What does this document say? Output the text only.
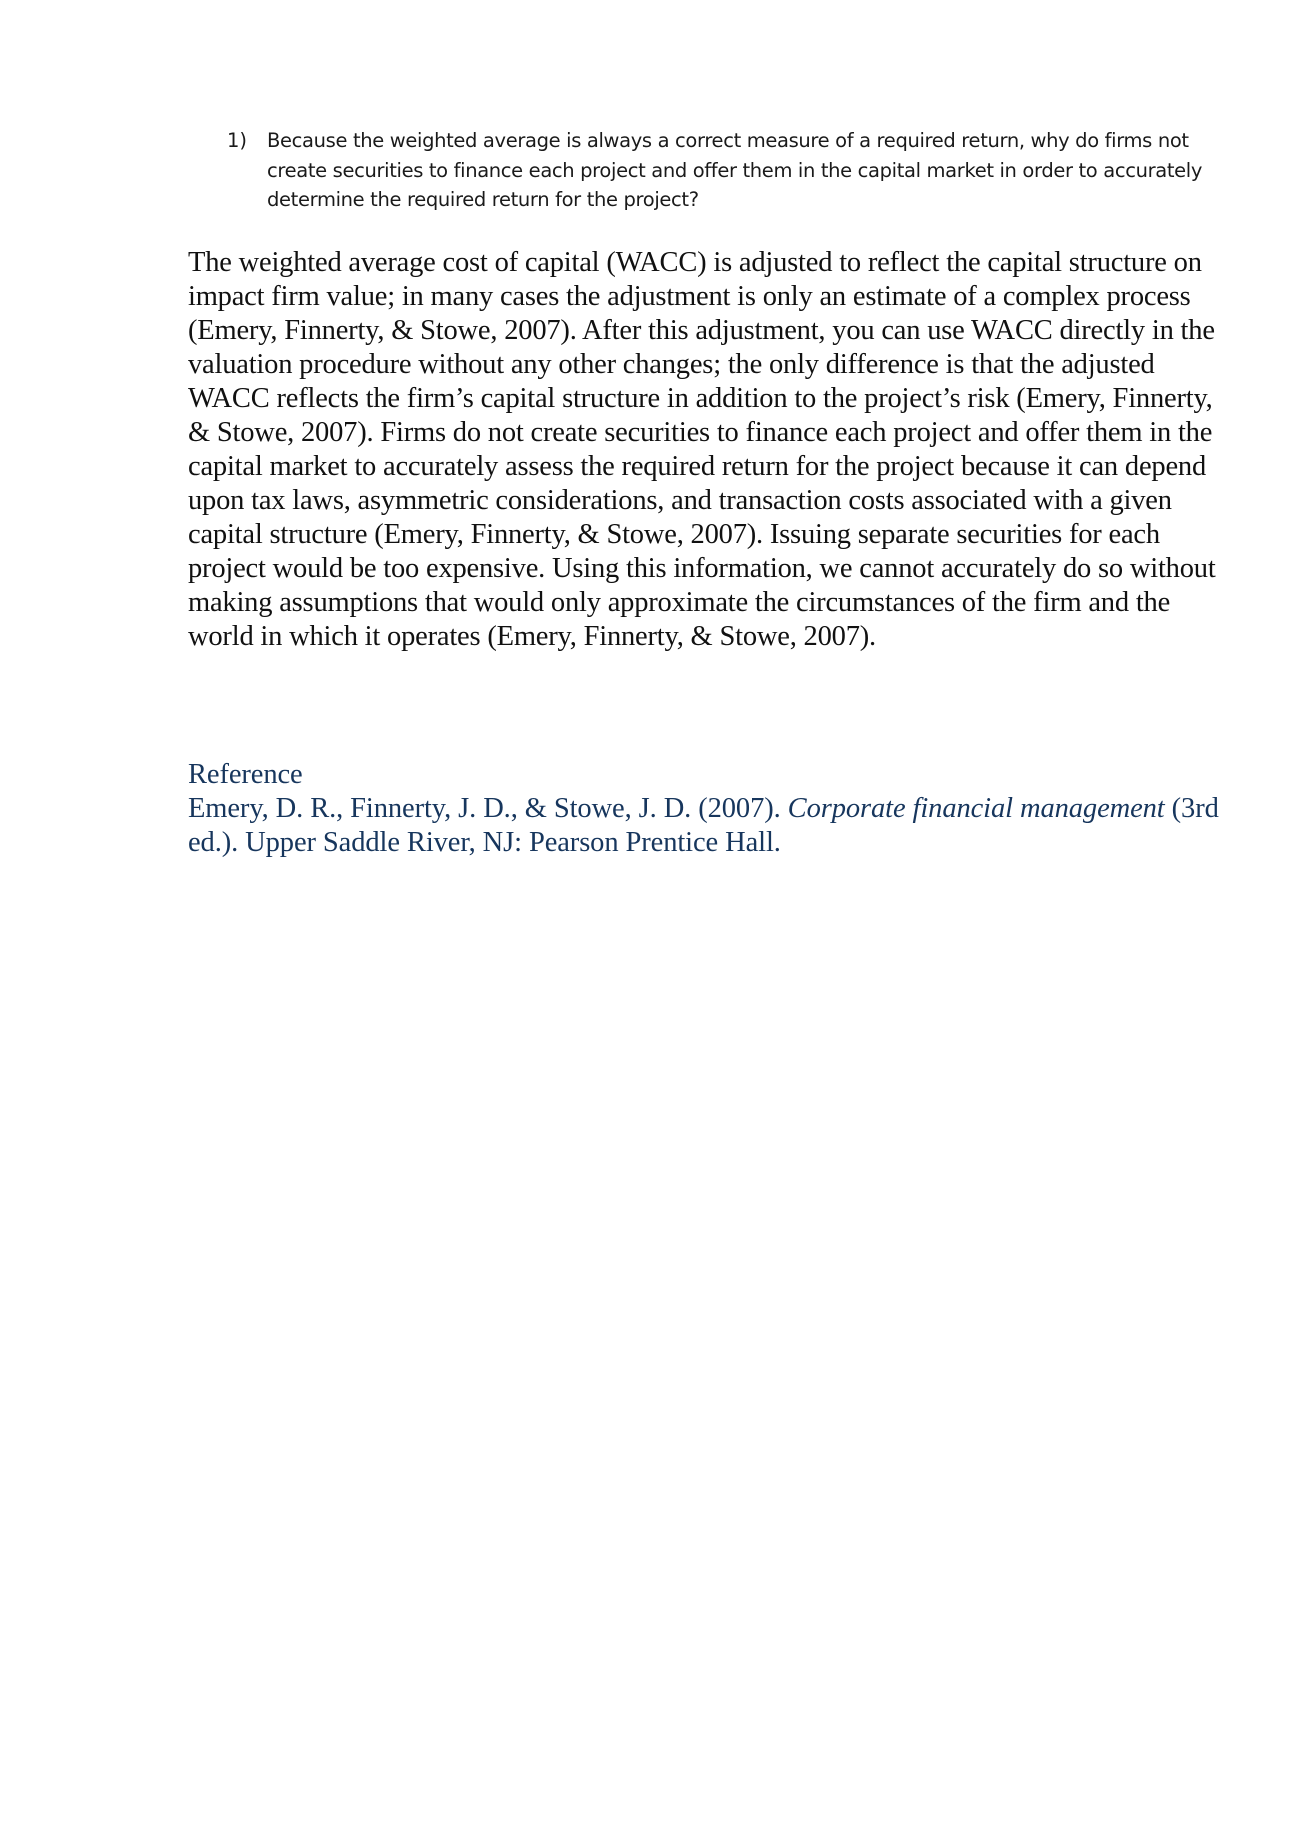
1)	Because the weighted average is always a correct measure of a required return, why do firms not create securities to finance each project and offer them in the capital market in order to accurately determine the required return for the project?

The weighted average cost of capital (WACC) is adjusted to reflect the capital structure on impact firm value; in many cases the adjustment is only an estimate of a complex process (Emery, Finnerty, & Stowe, 2007). After this adjustment, you can use WACC directly in the valuation procedure without any other changes; the only difference is that the adjusted WACC reflects the firm’s capital structure in addition to the project’s risk (Emery, Finnerty, & Stowe, 2007). Firms do not create securities to finance each project and offer them in the capital market to accurately assess the required return for the project because it can depend upon tax laws, asymmetric considerations, and transaction costs associated with a given capital structure (Emery, Finnerty, & Stowe, 2007). Issuing separate securities for each project would be too expensive. Using this information, we cannot accurately do so without making assumptions that would only approximate the circumstances of the firm and the world in which it operates (Emery, Finnerty, & Stowe, 2007).

Reference

Emery, D. R., Finnerty, J. D., & Stowe, J. D. (2007). Corporate financial management (3rd ed.). Upper Saddle River, NJ: Pearson Prentice Hall.
